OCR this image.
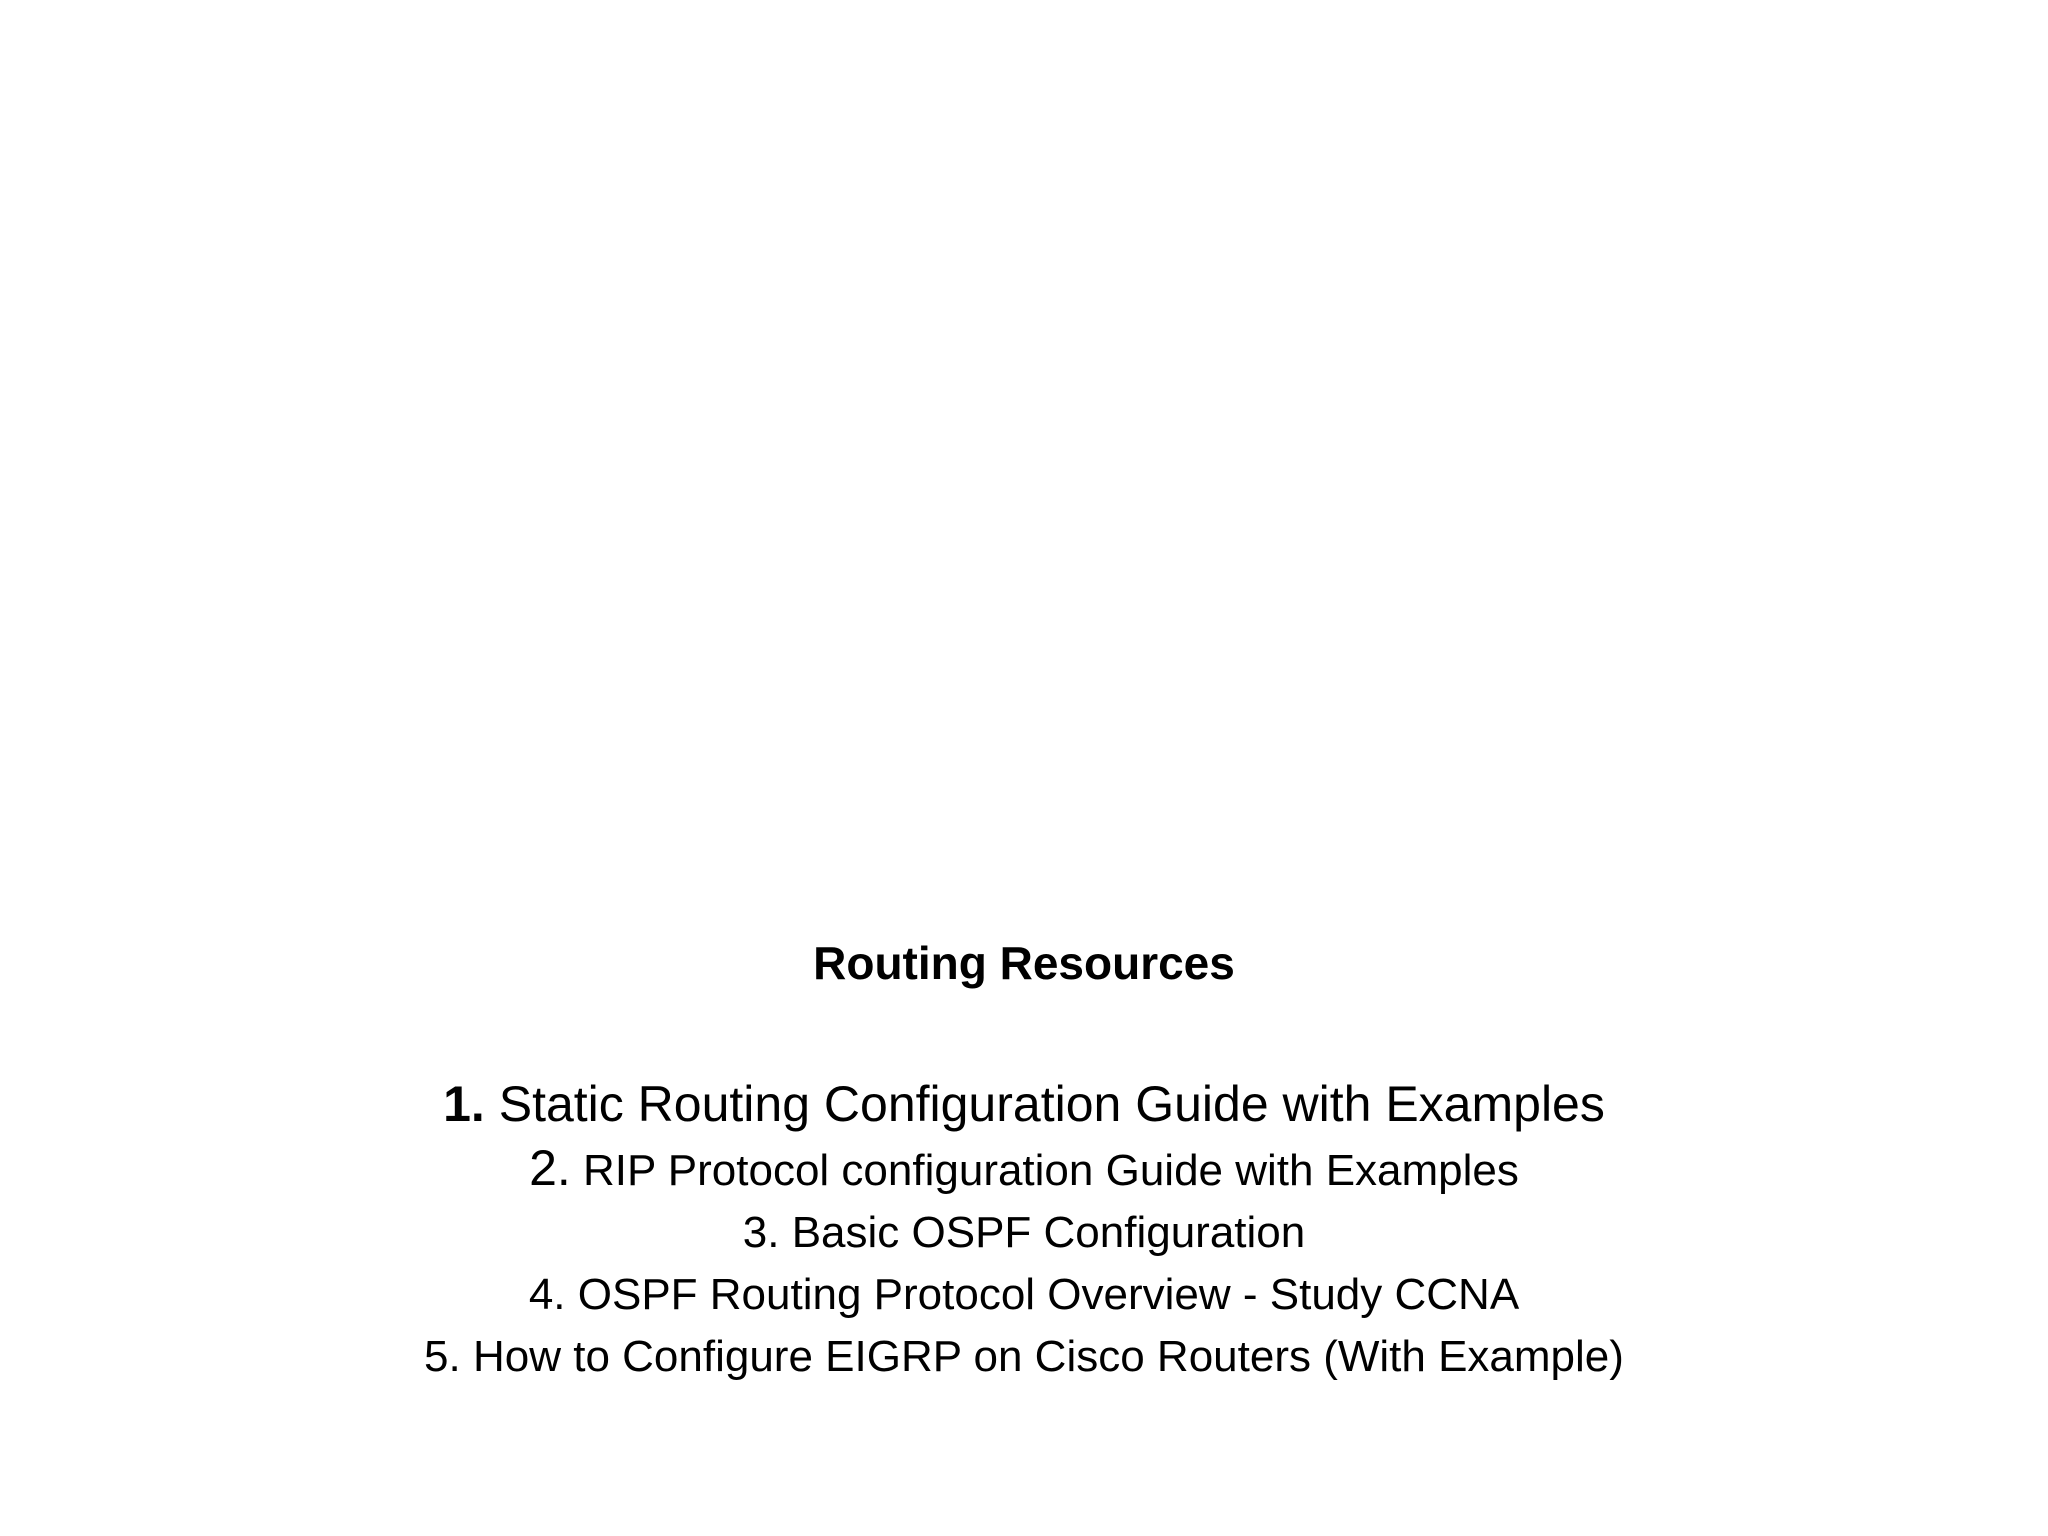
Routing Resources
1. Static Routing Configuration Guide with Examples
2. RIP Protocol configuration Guide with Examples
3. Basic OSPF Configuration
4. OSPF Routing Protocol Overview - Study CCNA
5. How to Configure EIGRP on Cisco Routers (With Example)
